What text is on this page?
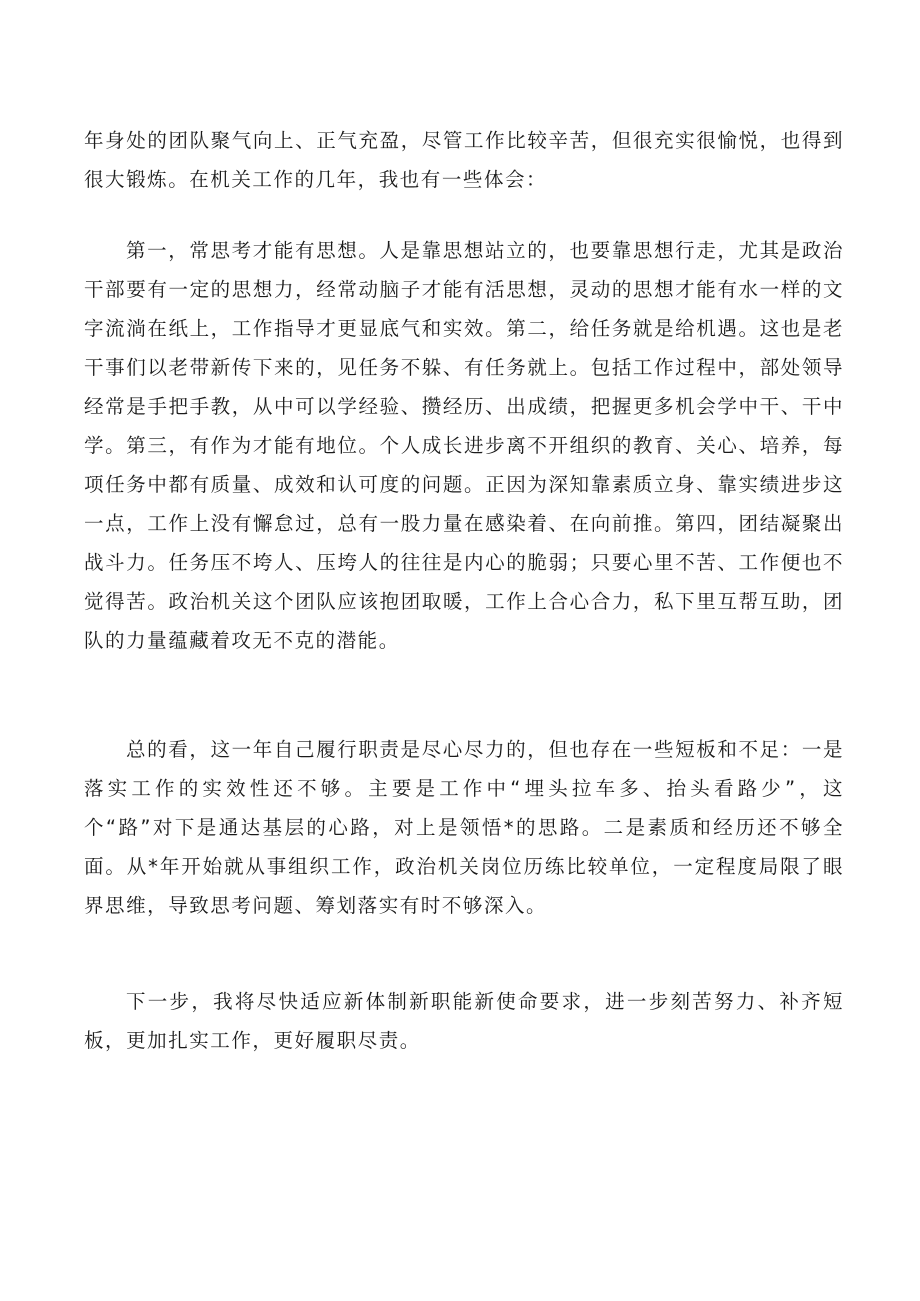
年身处的团队聚气向上、正气充盈，尽管工作比较辛苦，但很充实很愉悦，也得到很大锻炼。在机关工作的几年，我也有一些体会：

第一，常思考才能有思想。人是靠思想站立的，也要靠思想行走，尤其是政治干部要有一定的思想力，经常动脑子才能有活思想，灵动的思想才能有水一样的文字流淌在纸上，工作指导才更显底气和实效。第二，给任务就是给机遇。这也是老干事们以老带新传下来的，见任务不躲、有任务就上。包括工作过程中，部处领导经常是手把手教，从中可以学经验、攒经历、出成绩，把握更多机会学中干、干中学。第三，有作为才能有地位。个人成长进步离不开组织的教育、关心、培养，每项任务中都有质量、成效和认可度的问题。正因为深知靠素质立身、靠实绩进步这一点，工作上没有懈怠过，总有一股力量在感染着、在向前推。第四，团结凝聚出战斗力。任务压不垮人、压垮人的往往是内心的脆弱；只要心里不苦、工作便也不觉得苦。政治机关这个团队应该抱团取暖，工作上合心合力，私下里互帮互助，团队的力量蕴藏着攻无不克的潜能。

总的看，这一年自己履行职责是尽心尽力的，但也存在一些短板和不足：一是落实工作的实效性还不够。主要是工作中“埋头拉车多、抬头看路少”，这个“路”对下是通达基层的心路，对上是领悟*的思路。二是素质和经历还不够全面。从*年开始就从事组织工作，政治机关岗位历练比较单位，一定程度局限了眼界思维，导致思考问题、筹划落实有时不够深入。

下一步，我将尽快适应新体制新职能新使命要求，进一步刻苦努力、补齐短板，更加扎实工作，更好履职尽责。
